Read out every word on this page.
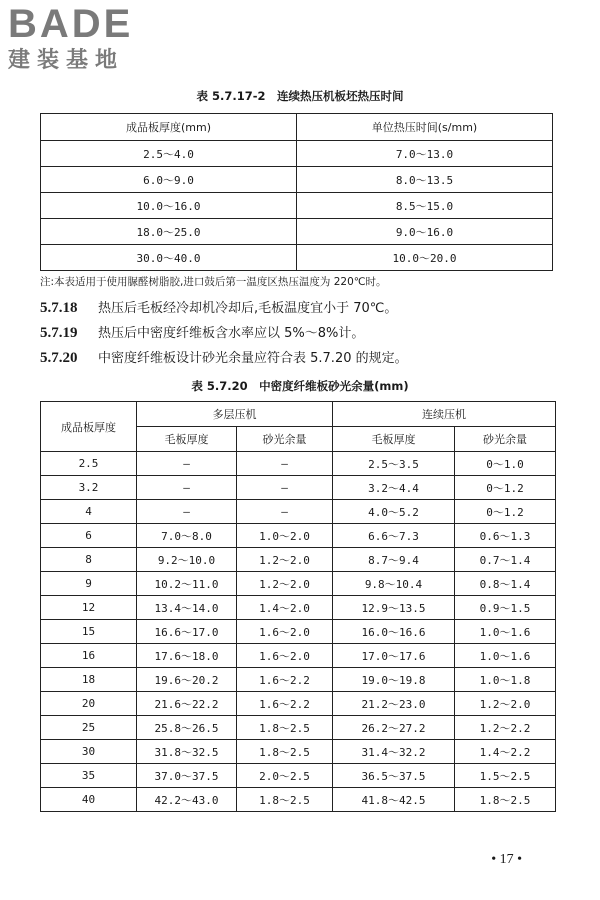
BADE
建装基地
表 5.7.17-2　连续热压机板坯热压时间
成品板厚度(mm)	单位热压时间(s/mm)
2.5～4.0	7.0～13.0
6.0～9.0	8.0～13.5
10.0～16.0	8.5～15.0
18.0～25.0	9.0～16.0
30.0～40.0	10.0～20.0
注:本表适用于使用脲醛树脂胶,进口鼓后第一温度区热压温度为 220℃时。
5.7.18 热压后毛板经冷却机冷却后,毛板温度宜小于 70℃。
5.7.19 热压后中密度纤维板含水率应以 5%～8%计。
5.7.20 中密度纤维板设计砂光余量应符合表 5.7.20 的规定。
表 5.7.20　中密度纤维板砂光余量(mm)
成品板厚度	多层压机		连续压机	
	毛板厚度	砂光余量	毛板厚度	砂光余量
2.5	—	—	2.5～3.5	0～1.0
3.2	—	—	3.2～4.4	0～1.2
4	—	—	4.0～5.2	0～1.2
6	7.0～8.0	1.0～2.0	6.6～7.3	0.6～1.3
8	9.2～10.0	1.2～2.0	8.7～9.4	0.7～1.4
9	10.2～11.0	1.2～2.0	9.8～10.4	0.8～1.4
12	13.4～14.0	1.4～2.0	12.9～13.5	0.9～1.5
15	16.6～17.0	1.6～2.0	16.0～16.6	1.0～1.6
16	17.6～18.0	1.6～2.0	17.0～17.6	1.0～1.6
18	19.6～20.2	1.6～2.2	19.0～19.8	1.0～1.8
20	21.6～22.2	1.6～2.2	21.2～23.0	1.2～2.0
25	25.8～26.5	1.8～2.5	26.2～27.2	1.2～2.2
30	31.8～32.5	1.8～2.5	31.4～32.2	1.4～2.2
35	37.0～37.5	2.0～2.5	36.5～37.5	1.5～2.5
40	42.2～43.0	1.8～2.5	41.8～42.5	1.8～2.5
• 17 •
